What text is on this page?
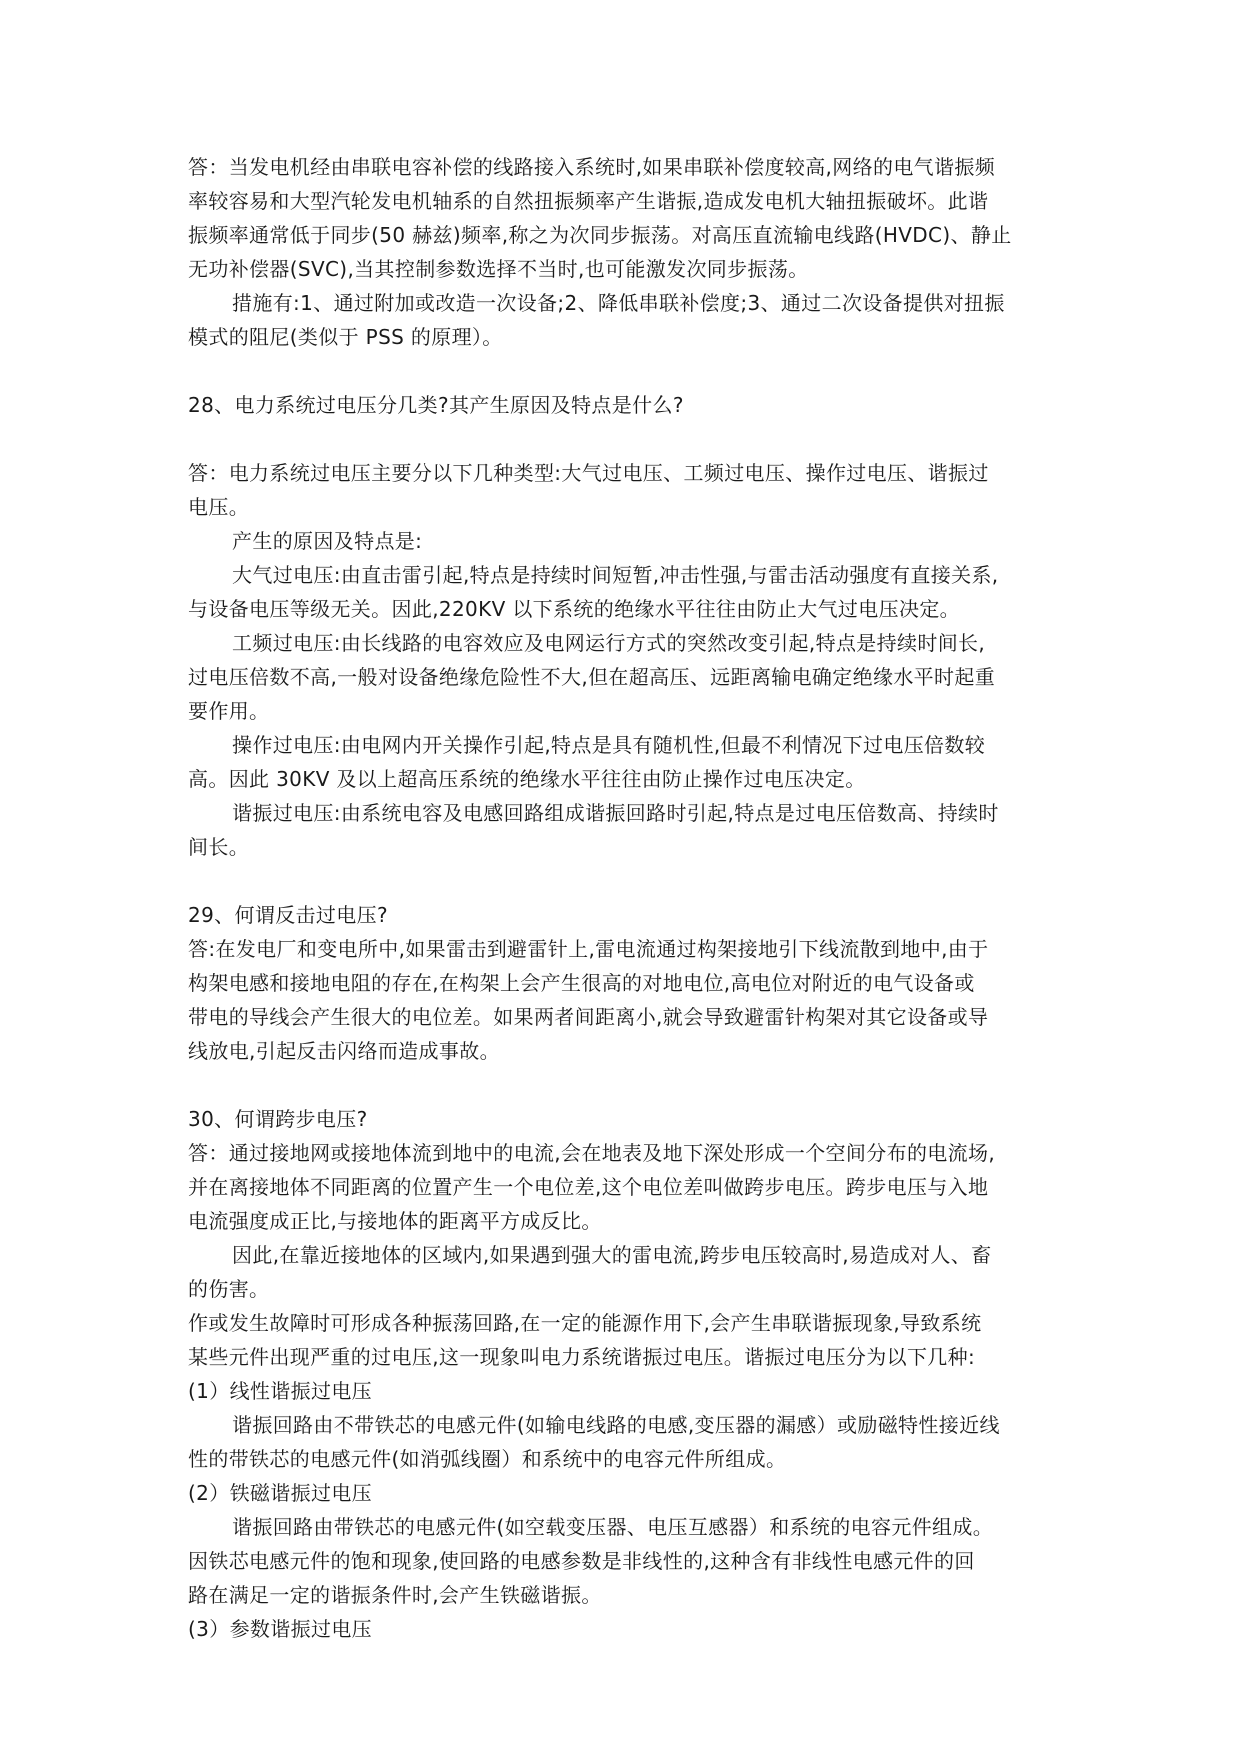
答：当发电机经由串联电容补偿的线路接入系统时,如果串联补偿度较高,网络的电气谐振频
率较容易和大型汽轮发电机轴系的自然扭振频率产生谐振,造成发电机大轴扭振破坏。此谐
振频率通常低于同步(50 赫兹)频率,称之为次同步振荡。对高压直流输电线路(HVDC)、静止
无功补偿器(SVC),当其控制参数选择不当时,也可能激发次同步振荡。
措施有:1、通过附加或改造一次设备;2、降低串联补偿度;3、通过二次设备提供对扭振
模式的阻尼(类似于 PSS 的原理）。
28、电力系统过电压分几类?其产生原因及特点是什么?
答：电力系统过电压主要分以下几种类型:大气过电压、工频过电压、操作过电压、谐振过
电压。
产生的原因及特点是:
大气过电压:由直击雷引起,特点是持续时间短暂,冲击性强,与雷击活动强度有直接关系,
与设备电压等级无关。因此,220KV 以下系统的绝缘水平往往由防止大气过电压决定。
工频过电压:由长线路的电容效应及电网运行方式的突然改变引起,特点是持续时间长,
过电压倍数不高,一般对设备绝缘危险性不大,但在超高压、远距离输电确定绝缘水平时起重
要作用。
操作过电压:由电网内开关操作引起,特点是具有随机性,但最不利情况下过电压倍数较
高。因此 30KV 及以上超高压系统的绝缘水平往往由防止操作过电压决定。
谐振过电压:由系统电容及电感回路组成谐振回路时引起,特点是过电压倍数高、持续时
间长。
29、何谓反击过电压?
答:在发电厂和变电所中,如果雷击到避雷针上,雷电流通过构架接地引下线流散到地中,由于
构架电感和接地电阻的存在,在构架上会产生很高的对地电位,高电位对附近的电气设备或
带电的导线会产生很大的电位差。如果两者间距离小,就会导致避雷针构架对其它设备或导
线放电,引起反击闪络而造成事故。
30、何谓跨步电压?
答：通过接地网或接地体流到地中的电流,会在地表及地下深处形成一个空间分布的电流场,
并在离接地体不同距离的位置产生一个电位差,这个电位差叫做跨步电压。跨步电压与入地
电流强度成正比,与接地体的距离平方成反比。
因此,在靠近接地体的区域内,如果遇到强大的雷电流,跨步电压较高时,易造成对人、畜
的伤害。
作或发生故障时可形成各种振荡回路,在一定的能源作用下,会产生串联谐振现象,导致系统
某些元件出现严重的过电压,这一现象叫电力系统谐振过电压。谐振过电压分为以下几种:
(1）线性谐振过电压
谐振回路由不带铁芯的电感元件(如输电线路的电感,变压器的漏感）或励磁特性接近线
性的带铁芯的电感元件(如消弧线圈）和系统中的电容元件所组成。
(2）铁磁谐振过电压
谐振回路由带铁芯的电感元件(如空载变压器、电压互感器）和系统的电容元件组成。
因铁芯电感元件的饱和现象,使回路的电感参数是非线性的,这种含有非线性电感元件的回
路在满足一定的谐振条件时,会产生铁磁谐振。
(3）参数谐振过电压
